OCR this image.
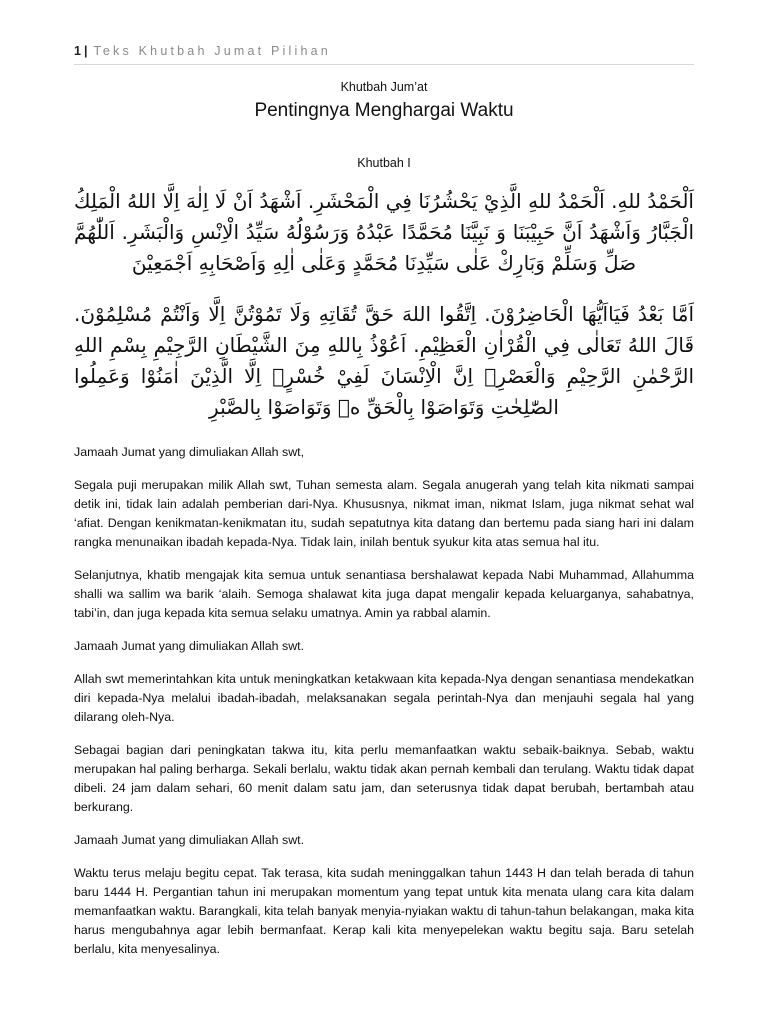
1 | Teks Khutbah Jumat Pilihan
Khutbah Jum’at
Pentingnya Menghargai Waktu
Khutbah I

اَلْحَمْدُ للهِ. اَلْحَمْدُ للهِ الَّذِيْ يَحْشُرُنَا فِي الْمَحْشَرِ. اَشْهَدُ اَنْ لَا اِلٰهَ اِلَّا اللهُ الْمَلِكُ الْجَبَّارُ وَاَشْهَدُ اَنَّ حَبِيْبَنَا وَ نَبِيَّنَا مُحَمَّدًا عَبْدُهُ وَرَسُوْلُهُ سَيِّدُ الْاِنْسِ وَالْبَشَرِ. اَللّٰهُمَّ صَلِّ وَسَلِّمْ وَبَارِكْ عَلٰى سَيِّدِنَا مُحَمَّدٍ وَعَلٰى اٰلِهِ وَاَصْحَابِهِ اَجْمَعِيْنَ

اَمَّا بَعْدُ فَيَااَيُّهَا الْحَاضِرُوْنَ. اِتَّقُوا اللهَ حَقَّ تُقَاتِهِ وَلَا تَمُوْتُنَّ اِلَّا وَاَنْتُمْ مُسْلِمُوْنَ. قَالَ اللهُ تَعَالٰى فِي الْقُرْاٰنِ الْعَظِيْمِ. اَعُوْذُ بِاللهِ مِنَ الشَّيْطَانِ الرَّجِيْمِ بِسْمِ اللهِ الرَّحْمٰنِ الرَّحِيْمِ وَالْعَصْرِۙ اِنَّ الْاِنْسَانَ لَفِيْ خُسْرٍۙ اِلَّا الَّذِيْنَ اٰمَنُوْا وَعَمِلُوا الصّٰلِحٰتِ وَتَوَاصَوْا بِالْحَقِّ ەۙ وَتَوَاصَوْا بِالصَّبْرِ

Jamaah Jumat yang dimuliakan Allah swt,

Segala puji merupakan milik Allah swt, Tuhan semesta alam. Segala anugerah yang telah kita nikmati sampai detik ini, tidak lain adalah pemberian dari-Nya. Khususnya, nikmat iman, nikmat Islam, juga nikmat sehat wal ‘afiat. Dengan kenikmatan-kenikmatan itu, sudah sepatutnya kita datang dan bertemu pada siang hari ini dalam rangka menunaikan ibadah kepada-Nya. Tidak lain, inilah bentuk syukur kita atas semua hal itu.

Selanjutnya, khatib mengajak kita semua untuk senantiasa bershalawat kepada Nabi Muhammad, Allahumma shalli wa sallim wa barik ‘alaih. Semoga shalawat kita juga dapat mengalir kepada keluarganya, sahabatnya, tabi’in, dan juga kepada kita semua selaku umatnya. Amin ya rabbal alamin.

Jamaah Jumat yang dimuliakan Allah swt.

Allah swt memerintahkan kita untuk meningkatkan ketakwaan kita kepada-Nya dengan senantiasa mendekatkan diri kepada-Nya melalui ibadah-ibadah, melaksanakan segala perintah-Nya dan menjauhi segala hal yang dilarang oleh-Nya.

Sebagai bagian dari peningkatan takwa itu, kita perlu memanfaatkan waktu sebaik-baiknya. Sebab, waktu merupakan hal paling berharga. Sekali berlalu, waktu tidak akan pernah kembali dan terulang. Waktu tidak dapat dibeli. 24 jam dalam sehari, 60 menit dalam satu jam, dan seterusnya tidak dapat berubah, bertambah atau berkurang.

Jamaah Jumat yang dimuliakan Allah swt.

Waktu terus melaju begitu cepat. Tak terasa, kita sudah meninggalkan tahun 1443 H dan telah berada di tahun baru 1444 H. Pergantian tahun ini merupakan momentum yang tepat untuk kita menata ulang cara kita dalam memanfaatkan waktu. Barangkali, kita telah banyak menyia-nyiakan waktu di tahun-tahun belakangan, maka kita harus mengubahnya agar lebih bermanfaat. Kerap kali kita menyepelekan waktu begitu saja. Baru setelah berlalu, kita menyesalinya.
